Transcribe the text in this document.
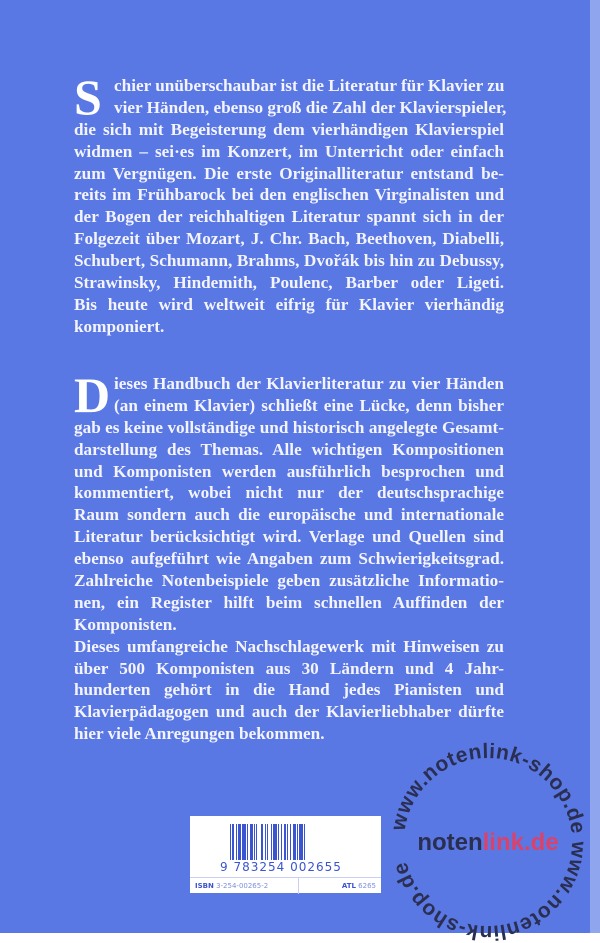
S chier unüberschaubar ist die Literatur für Klavier zu
vier Händen, ebenso groß die Zahl der Klavierspieler,
die sich mit Begeisterung dem vierhändigen Klavierspiel
widmen – sei·es im Konzert, im Unterricht oder einfach
zum Vergnügen. Die erste Originalliteratur entstand be-
reits im Frühbarock bei den englischen Virginalisten und
der Bogen der reichhaltigen Literatur spannt sich in der
Folgezeit über Mozart, J. Chr. Bach, Beethoven, Diabelli,
Schubert, Schumann, Brahms, Dvořák bis hin zu Debussy,
Strawinsky, Hindemith, Poulenc, Barber oder Ligeti.
Bis heute wird weltweit eifrig für Klavier vierhändig
komponiert.
D ieses Handbuch der Klavierliteratur zu vier Händen
(an einem Klavier) schließt eine Lücke, denn bisher
gab es keine vollständige und historisch angelegte Gesamt-
darstellung des Themas. Alle wichtigen Kompositionen
und Komponisten werden ausführlich besprochen und
kommentiert, wobei nicht nur der deutschsprachige
Raum sondern auch die europäische und internationale
Literatur berücksichtigt wird. Verlage und Quellen sind
ebenso aufgeführt wie Angaben zum Schwierigkeitsgrad.
Zahlreiche Notenbeispiele geben zusätzliche Informatio-
nen, ein Register hilft beim schnellen Auffinden der
Komponisten.
Dieses umfangreiche Nachschlagewerk mit Hinweisen zu
über 500 Komponisten aus 30 Ländern und 4 Jahr-
hunderten gehört in die Hand jedes Pianisten und
Klavierpädagogen und auch der Klavierliebhaber dürfte
hier viele Anregungen bekommen.
9 783254 002655
ISBN 3-254-00265-2	ATL 6265
www.notenlink-shop.de www.notenlink-shop.de
notenlink.de
